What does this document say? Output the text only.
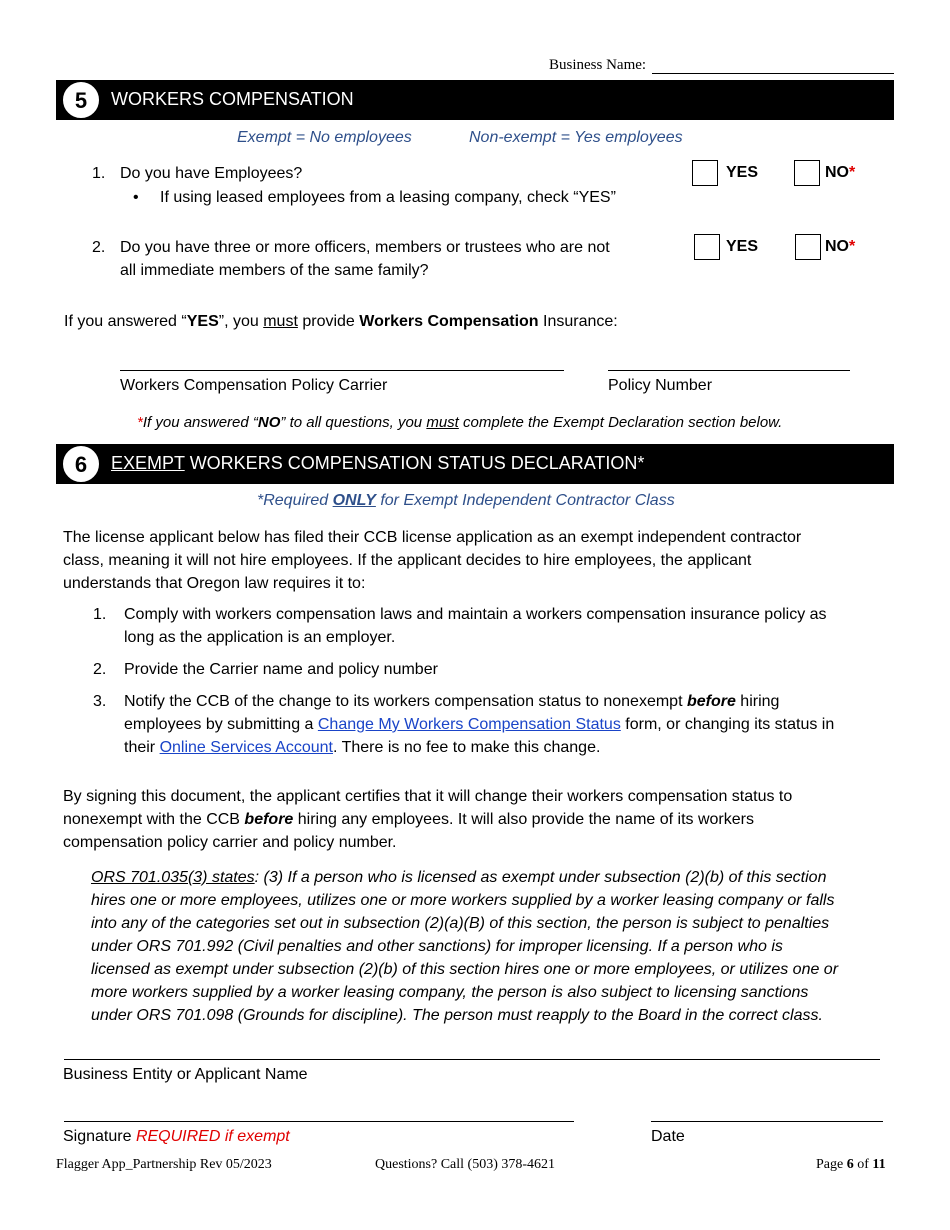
Business Name:
5	WORKERS COMPENSATION
Exempt = No employees	Non-exempt = Yes employees
1. Do you have Employees?
• If using leased employees from a leasing company, check “YES”
YES	NO*
2. Do you have three or more officers, members or trustees who are not
all immediate members of the same family?
YES	NO*
If you answered “YES”, you must provide Workers Compensation Insurance:
Workers Compensation Policy Carrier	Policy Number
*If you answered “NO” to all questions, you must complete the Exempt Declaration section below.
6	EXEMPT WORKERS COMPENSATION STATUS DECLARATION*
*Required ONLY for Exempt Independent Contractor Class
The license applicant below has filed their CCB license application as an exempt independent contractor
class, meaning it will not hire employees. If the applicant decides to hire employees, the applicant
understands that Oregon law requires it to:
1. Comply with workers compensation laws and maintain a workers compensation insurance policy as
long as the application is an employer.
2. Provide the Carrier name and policy number
3. Notify the CCB of the change to its workers compensation status to nonexempt before hiring
employees by submitting a Change My Workers Compensation Status form, or changing its status in
their Online Services Account. There is no fee to make this change.
By signing this document, the applicant certifies that it will change their workers compensation status to
nonexempt with the CCB before hiring any employees. It will also provide the name of its workers
compensation policy carrier and policy number.
ORS 701.035(3) states: (3) If a person who is licensed as exempt under subsection (2)(b) of this section
hires one or more employees, utilizes one or more workers supplied by a worker leasing company or falls
into any of the categories set out in subsection (2)(a)(B) of this section, the person is subject to penalties
under ORS 701.992 (Civil penalties and other sanctions) for improper licensing. If a person who is
licensed as exempt under subsection (2)(b) of this section hires one or more employees, or utilizes one or
more workers supplied by a worker leasing company, the person is also subject to licensing sanctions
under ORS 701.098 (Grounds for discipline). The person must reapply to the Board in the correct class.
Business Entity or Applicant Name
Signature REQUIRED if exempt	Date
Flagger App_Partnership Rev 05/2023	Questions? Call (503) 378-4621	Page 6 of 11
